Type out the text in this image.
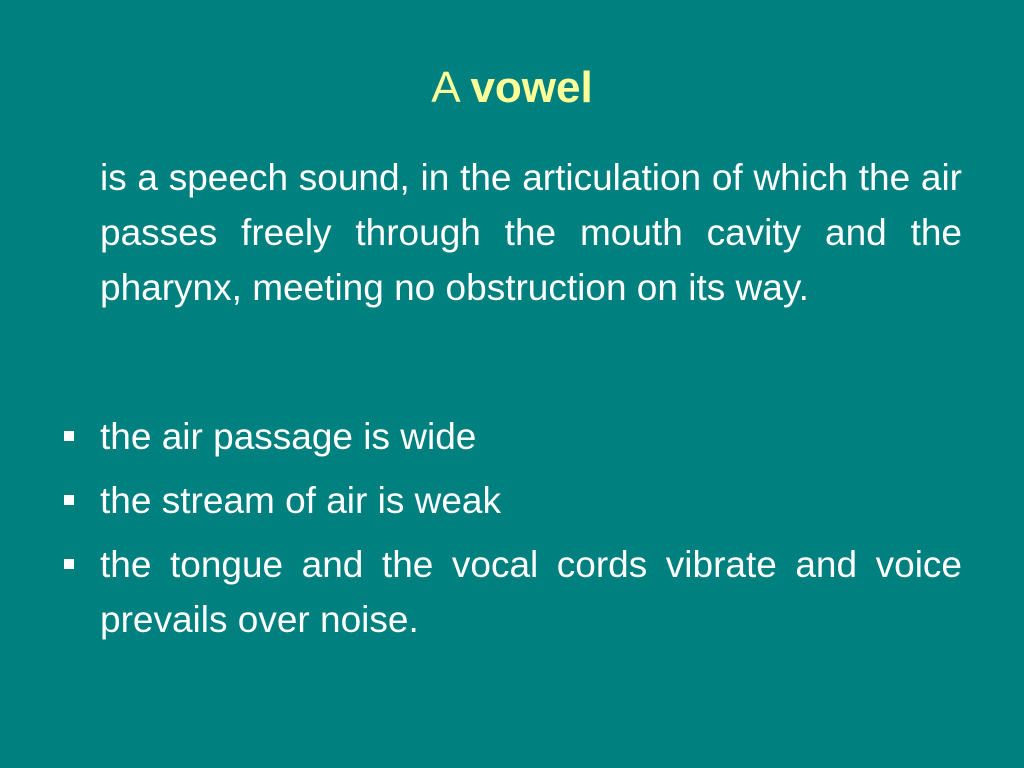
A vowel

is a speech sound, in the articulation of which the air passes freely through the mouth cavity and the pharynx, meeting no obstruction on its way.

the air passage is wide
the stream of air is weak
the tongue and the vocal cords vibrate and voice prevails over noise.
